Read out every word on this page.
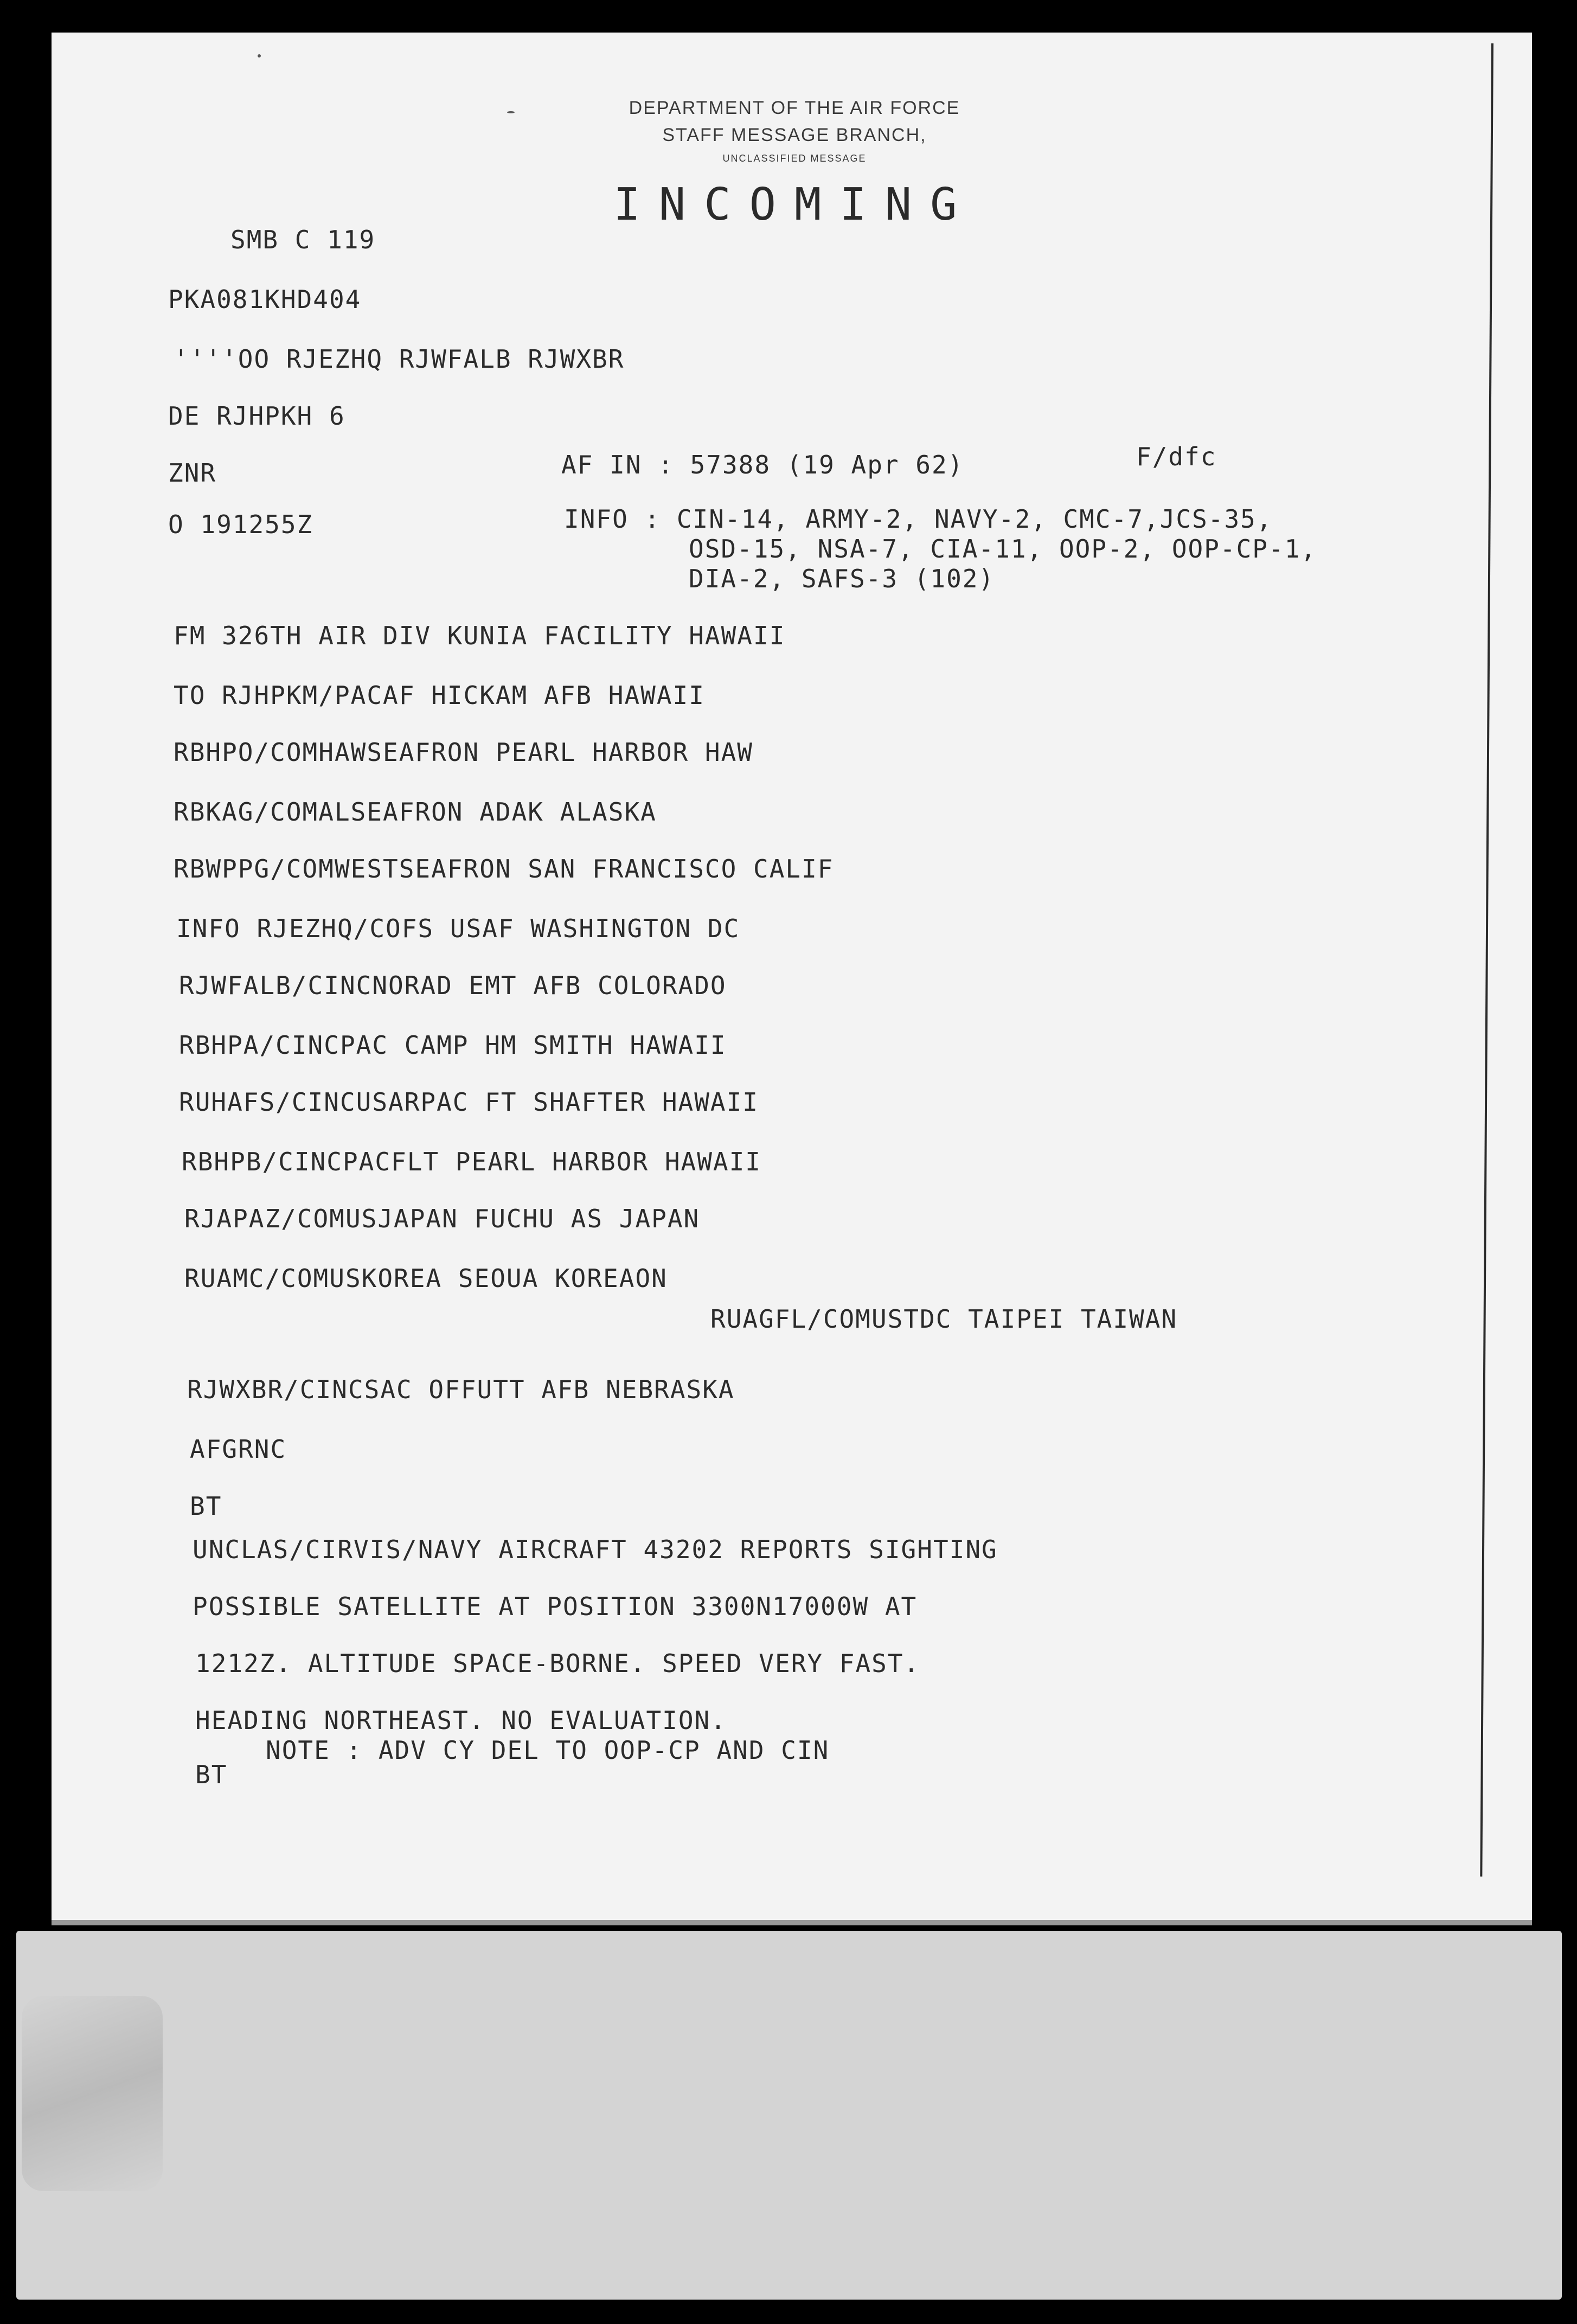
DEPARTMENT OF THE AIR FORCE
STAFF MESSAGE BRANCH,
UNCLASSIFIED MESSAGE
INCOMING
SMB C 119
PKA081KHD404
''''OO RJEZHQ RJWFALB RJWXBR
DE RJHPKH 6
ZNR	AF IN : 57388 (19 Apr 62)	F/dfc
O 191255Z	INFO : CIN-14, ARMY-2, NAVY-2, CMC-7,JCS-35,
OSD-15, NSA-7, CIA-11, OOP-2, OOP-CP-1,
DIA-2, SAFS-3 (102)
FM 326TH AIR DIV KUNIA FACILITY HAWAII
TO RJHPKM/PACAF HICKAM AFB HAWAII
RBHPO/COMHAWSEAFRON PEARL HARBOR HAW
RBKAG/COMALSEAFRON ADAK ALASKA
RBWPPG/COMWESTSEAFRON SAN FRANCISCO CALIF
INFO RJEZHQ/COFS USAF WASHINGTON DC
RJWFALB/CINCNORAD EMT AFB COLORADO
RBHPA/CINCPAC CAMP HM SMITH HAWAII
RUHAFS/CINCUSARPAC FT SHAFTER HAWAII
RBHPB/CINCPACFLT PEARL HARBOR HAWAII
RJAPAZ/COMUSJAPAN FUCHU AS JAPAN
RUAMC/COMUSKOREA SEOUA KOREAON
RUAGFL/COMUSTDC TAIPEI TAIWAN
RJWXBR/CINCSAC OFFUTT AFB NEBRASKA
AFGRNC
BT
UNCLAS/CIRVIS/NAVY AIRCRAFT 43202 REPORTS SIGHTING
POSSIBLE SATELLITE AT POSITION 3300N17000W AT
1212Z. ALTITUDE SPACE-BORNE. SPEED VERY FAST.
HEADING NORTHEAST. NO EVALUATION.
NOTE : ADV CY DEL TO OOP-CP AND CIN
BT
